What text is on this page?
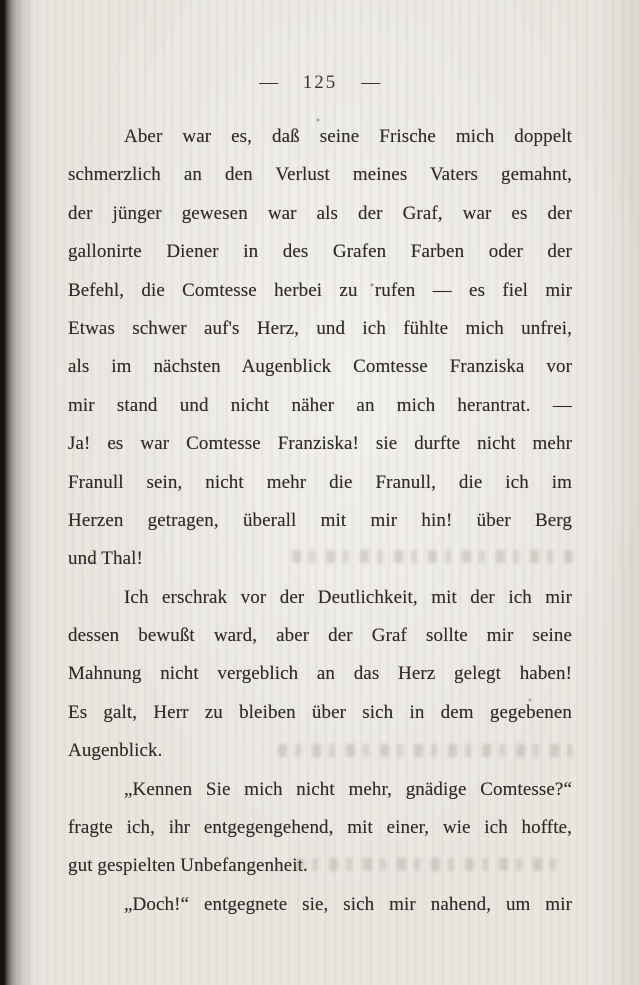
— 125 —
Aber war es, daß seine Frische mich doppelt
schmerzlich an den Verlust meines Vaters gemahnt,
der jünger gewesen war als der Graf, war es der
gallonirte Diener in des Grafen Farben oder der
Befehl, die Comtesse herbei zu rufen — es fiel mir
Etwas schwer auf's Herz, und ich fühlte mich unfrei,
als im nächsten Augenblick Comtesse Franziska vor
mir stand und nicht näher an mich herantrat. —
Ja! es war Comtesse Franziska! sie durfte nicht mehr
Franull sein, nicht mehr die Franull, die ich im
Herzen getragen, überall mit mir hin! über Berg
und Thal!
Ich erschrak vor der Deutlichkeit, mit der ich mir
dessen bewußt ward, aber der Graf sollte mir seine
Mahnung nicht vergeblich an das Herz gelegt haben!
Es galt, Herr zu bleiben über sich in dem gegebenen
Augenblick.
„Kennen Sie mich nicht mehr, gnädige Comtesse?“
fragte ich, ihr entgegengehend, mit einer, wie ich hoffte,
gut gespielten Unbefangenheit.
„Doch!“ entgegnete sie, sich mir nahend, um mir
